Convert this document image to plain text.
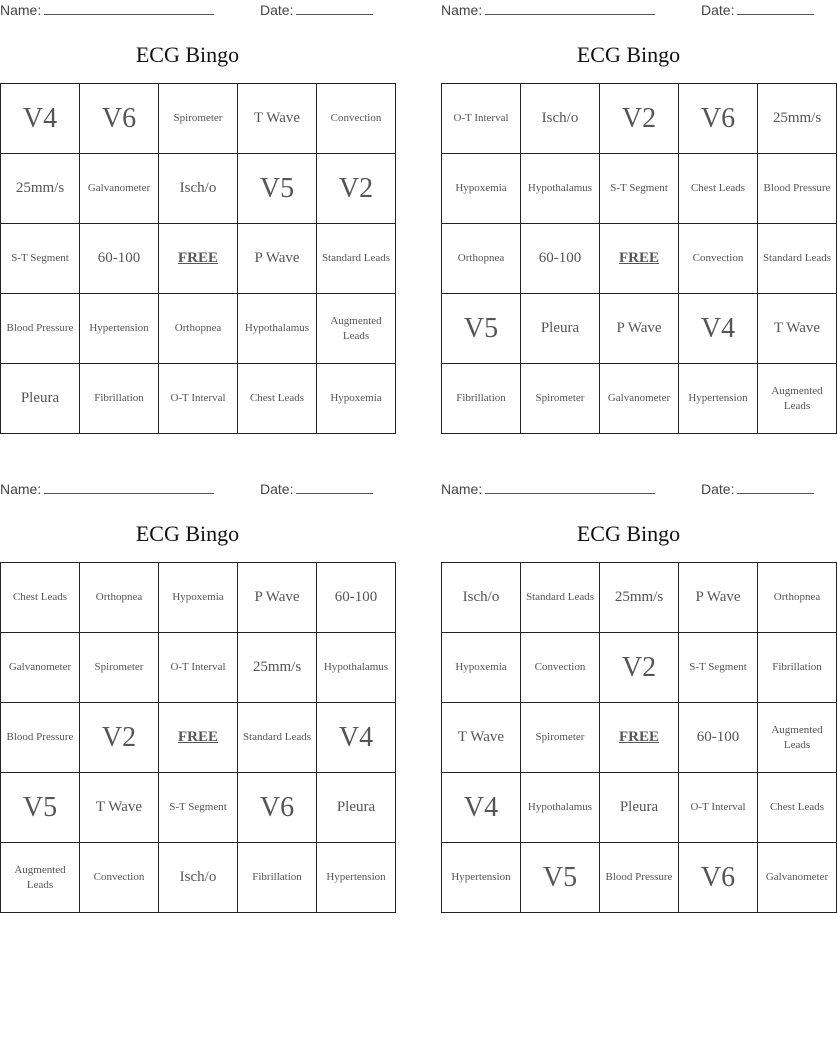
Name:	Date:
ECG Bingo
V4	V6	Spirometer	T Wave	Convection
25mm/s	Galvanometer	Isch/o	V5	V2
S-T Segment	60-100	FREE	P Wave	Standard Leads
Blood Pressure	Hypertension	Orthopnea	Hypothalamus	Augmented Leads
Pleura	Fibrillation	O-T Interval	Chest Leads	Hypoxemia
Name:	Date:
ECG Bingo
O-T Interval	Isch/o	V2	V6	25mm/s
Hypoxemia	Hypothalamus	S-T Segment	Chest Leads	Blood Pressure
Orthopnea	60-100	FREE	Convection	Standard Leads
V5	Pleura	P Wave	V4	T Wave
Fibrillation	Spirometer	Galvanometer	Hypertension	Augmented Leads
Name:	Date:
ECG Bingo
Chest Leads	Orthopnea	Hypoxemia	P Wave	60-100
Galvanometer	Spirometer	O-T Interval	25mm/s	Hypothalamus
Blood Pressure	V2	FREE	Standard Leads	V4
V5	T Wave	S-T Segment	V6	Pleura
Augmented Leads	Convection	Isch/o	Fibrillation	Hypertension
Name:	Date:
ECG Bingo
Isch/o	Standard Leads	25mm/s	P Wave	Orthopnea
Hypoxemia	Convection	V2	S-T Segment	Fibrillation
T Wave	Spirometer	FREE	60-100	Augmented Leads
V4	Hypothalamus	Pleura	O-T Interval	Chest Leads
Hypertension	V5	Blood Pressure	V6	Galvanometer
